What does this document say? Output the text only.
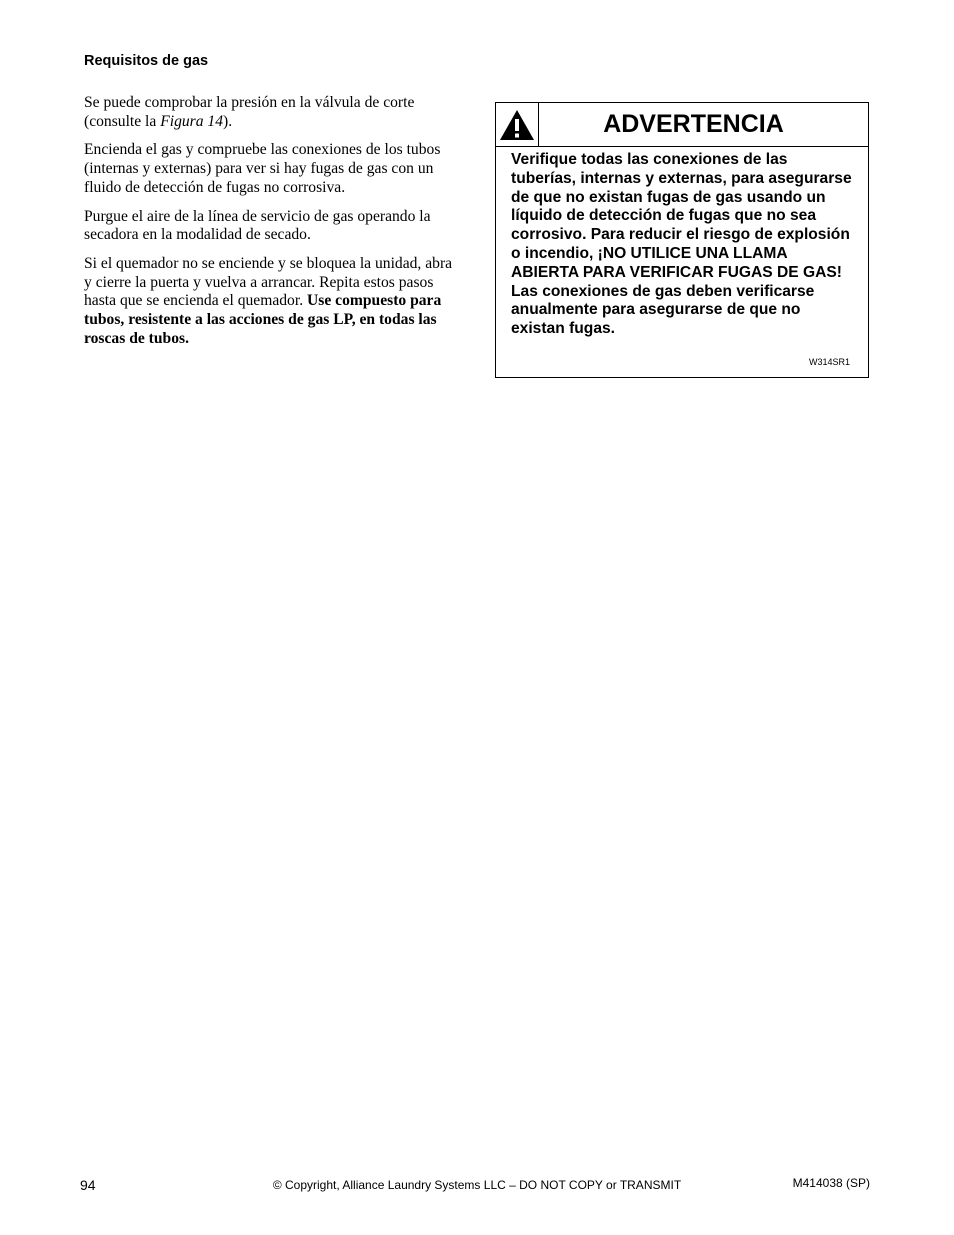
Requisitos de gas

Se puede comprobar la presión en la válvula de corte (consulte la Figura 14).

Encienda el gas y compruebe las conexiones de los tubos (internas y externas) para ver si hay fugas de gas con un fluido de detección de fugas no corrosiva.

Purgue el aire de la línea de servicio de gas operando la secadora en la modalidad de secado.

Si el quemador no se enciende y se bloquea la unidad, abra y cierre la puerta y vuelva a arrancar. Repita estos pasos hasta que se encienda el quemador. Use compuesto para tubos, resistente a las acciones de gas LP, en todas las roscas de tubos.

ADVERTENCIA
Verifique todas las conexiones de las tuberías, internas y externas, para asegurarse de que no existan fugas de gas usando un líquido de detección de fugas que no sea corrosivo. Para reducir el riesgo de explosión o incendio, ¡NO UTILICE UNA LLAMA ABIERTA PARA VERIFICAR FUGAS DE GAS! Las conexiones de gas deben verificarse anualmente para asegurarse de que no existan fugas.
W314SR1
94	© Copyright, Alliance Laundry Systems LLC – DO NOT COPY or TRANSMIT	M414038 (SP)
